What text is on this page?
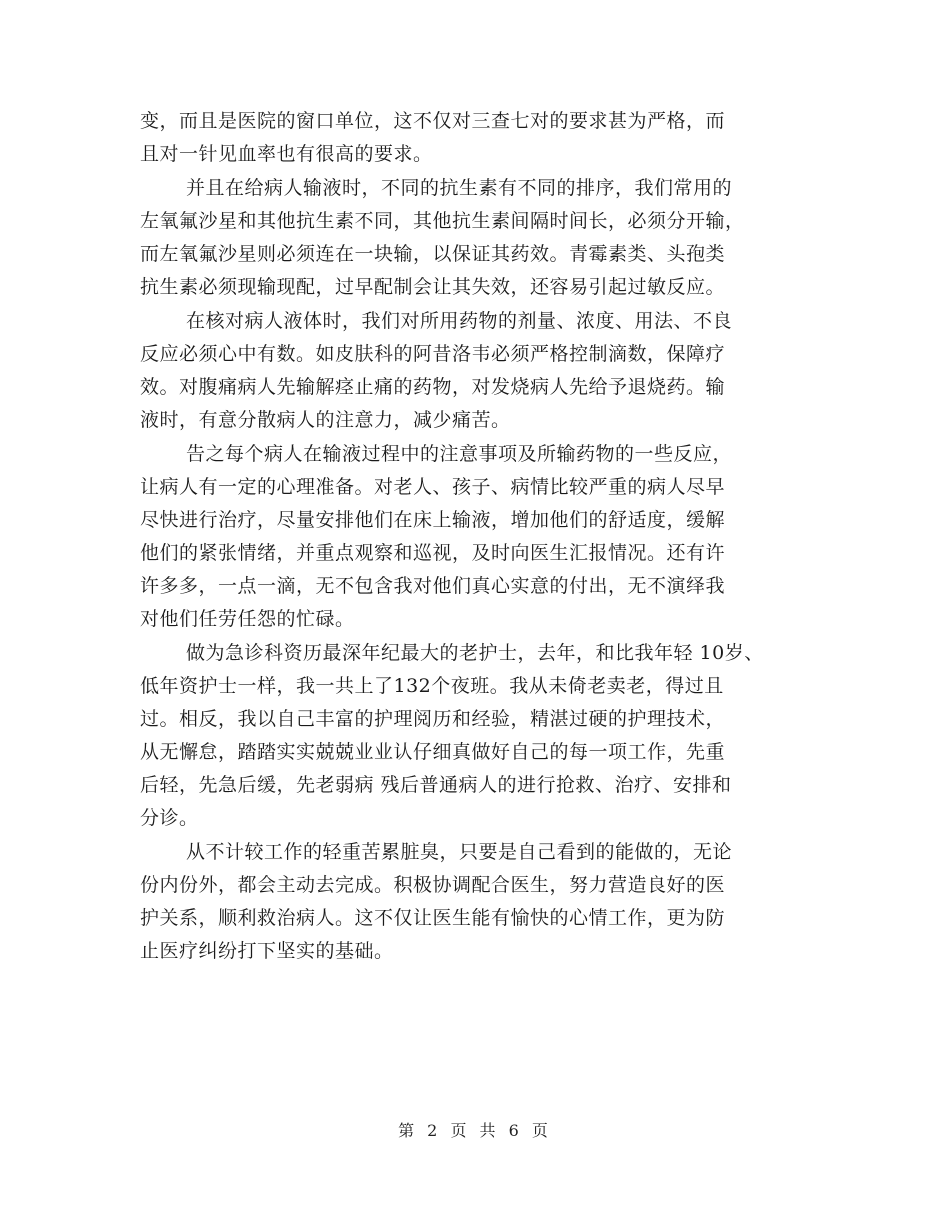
变，而且是医院的窗口单位，这不仅对三查七对的要求甚为严格，而
且对一针见血率也有很高的要求。
并且在给病人输液时，不同的抗生素有不同的排序，我们常用的
左氧氟沙星和其他抗生素不同，其他抗生素间隔时间长，必须分开输，
而左氧氟沙星则必须连在一块输，以保证其药效。青霉素类、头孢类
抗生素必须现输现配，过早配制会让其失效，还容易引起过敏反应。
在核对病人液体时，我们对所用药物的剂量、浓度、用法、不良
反应必须心中有数。如皮肤科的阿昔洛韦必须严格控制滴数，保障疗
效。对腹痛病人先输解痉止痛的药物，对发烧病人先给予退烧药。输
液时，有意分散病人的注意力，减少痛苦。
告之每个病人在输液过程中的注意事项及所输药物的一些反应，
让病人有一定的心理准备。对老人、孩子、病情比较严重的病人尽早
尽快进行治疗，尽量安排他们在床上输液，增加他们的舒适度，缓解
他们的紧张情绪，并重点观察和巡视，及时向医生汇报情况。还有许
许多多，一点一滴，无不包含我对他们真心实意的付出，无不演绎我
对他们任劳任怨的忙碌。
做为急诊科资历最深年纪最大的老护士，去年，和比我年轻 10岁、
低年资护士一样，我一共上了132个夜班。我从未倚老卖老，得过且
过。相反，我以自己丰富的护理阅历和经验，精湛过硬的护理技术，
从无懈怠，踏踏实实兢兢业业认仔细真做好自己的每一项工作，先重
后轻，先急后缓，先老弱病 残后普通病人的进行抢救、治疗、安排和
分诊。
从不计较工作的轻重苦累脏臭，只要是自己看到的能做的，无论
份内份外，都会主动去完成。积极协调配合医生，努力营造良好的医
护关系，顺利救治病人。这不仅让医生能有愉快的心情工作，更为防
止医疗纠纷打下坚实的基础。
第 2 页 共 6 页
